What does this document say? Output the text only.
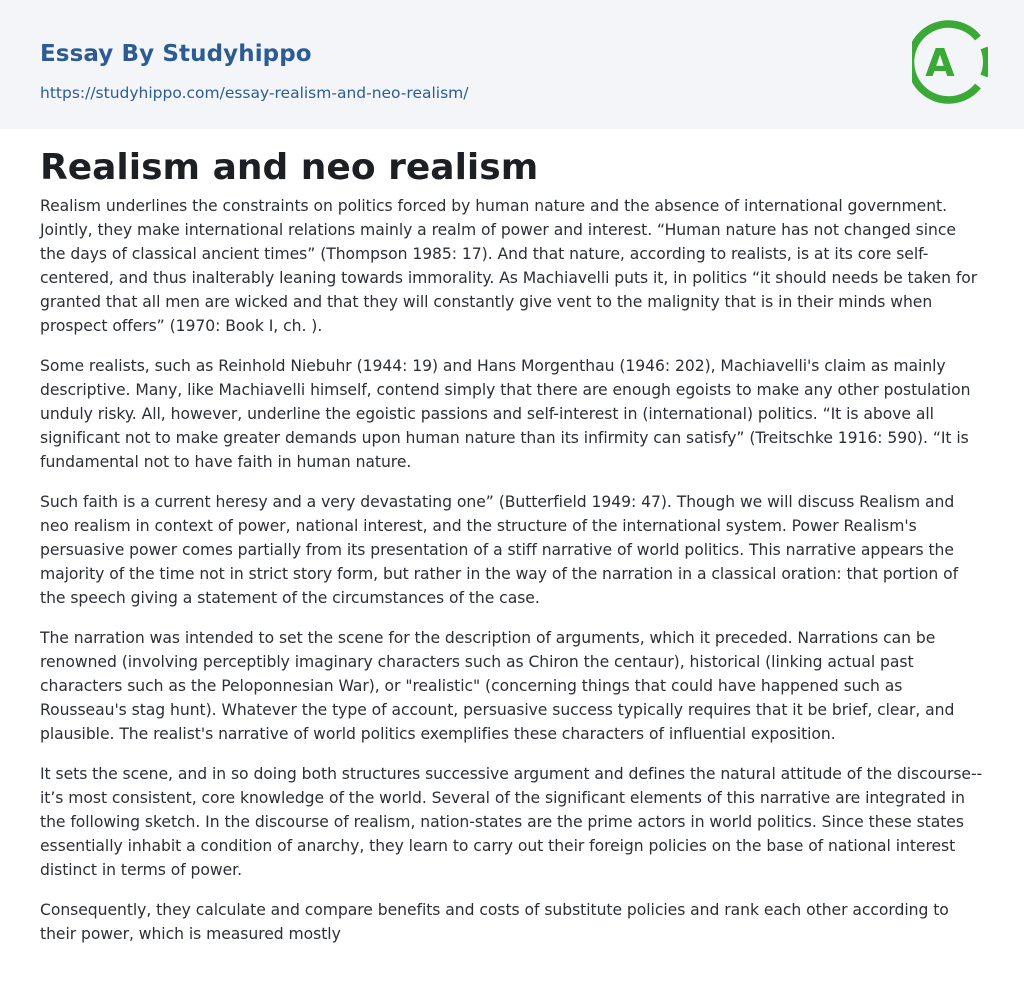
Essay By Studyhippo
https://studyhippo.com/essay-realism-and-neo-realism/
A
Realism and neo realism

Realism underlines the constraints on politics forced by human nature and the absence of international government. Jointly, they make international relations mainly a realm of power and interest. “Human nature has not changed since the days of classical ancient times” (Thompson 1985: 17). And that nature, according to realists, is at its core self-centered, and thus inalterably leaning towards immorality. As Machiavelli puts it, in politics “it should needs be taken for granted that all men are wicked and that they will constantly give vent to the malignity that is in their minds when prospect offers” (1970: Book I, ch. ).

Some realists, such as Reinhold Niebuhr (1944: 19) and Hans Morgenthau (1946: 202), Machiavelli's claim as mainly descriptive. Many, like Machiavelli himself, contend simply that there are enough egoists to make any other postulation unduly risky. All, however, underline the egoistic passions and self-interest in (international) politics. “It is above all significant not to make greater demands upon human nature than its infirmity can satisfy” (Treitschke 1916: 590). “It is fundamental not to have faith in human nature.

Such faith is a current heresy and a very devastating one” (Butterfield 1949: 47). Though we will discuss Realism and neo realism in context of power, national interest, and the structure of the international system. Power Realism's persuasive power comes partially from its presentation of a stiff narrative of world politics. This narrative appears the majority of the time not in strict story form, but rather in the way of the narration in a classical oration: that portion of the speech giving a statement of the circumstances of the case.

The narration was intended to set the scene for the description of arguments, which it preceded. Narrations can be renowned (involving perceptibly imaginary characters such as Chiron the centaur), historical (linking actual past characters such as the Peloponnesian War), or "realistic" (concerning things that could have happened such as Rousseau's stag hunt). Whatever the type of account, persuasive success typically requires that it be brief, clear, and plausible. The realist's narrative of world politics exemplifies these characters of influential exposition.

It sets the scene, and in so doing both structures successive argument and defines the natural attitude of the discourse--it’s most consistent, core knowledge of the world. Several of the significant elements of this narrative are integrated in the following sketch. In the discourse of realism, nation-states are the prime actors in world politics. Since these states essentially inhabit a condition of anarchy, they learn to carry out their foreign policies on the base of national interest distinct in terms of power.

Consequently, they calculate and compare benefits and costs of substitute policies and rank each other according to their power, which is measured mostly
